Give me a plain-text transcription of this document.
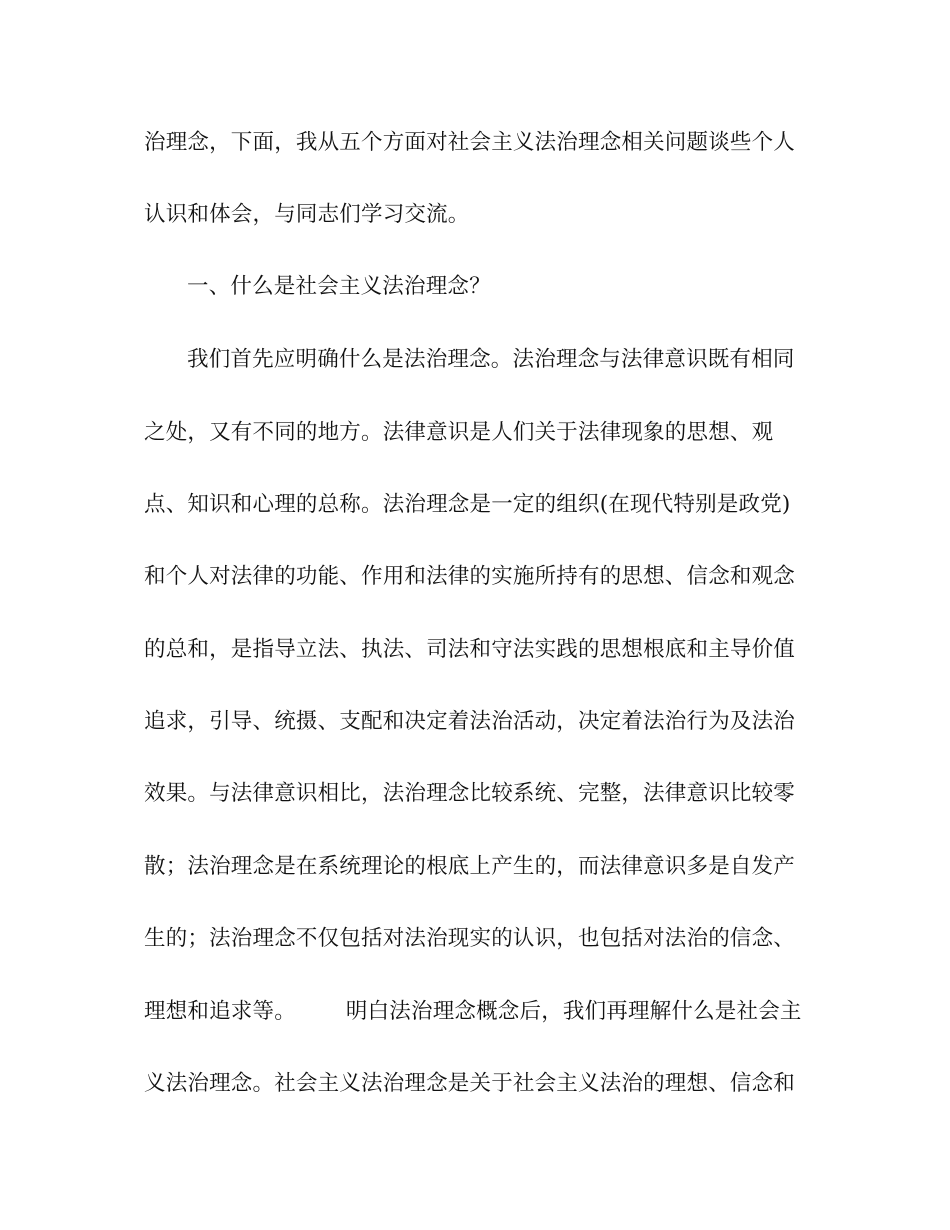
治理念，下面，我从五个方面对社会主义法治理念相关问题谈些个人
认识和体会，与同志们学习交流。
一、什么是社会主义法治理念？
我们首先应明确什么是法治理念。法治理念与法律意识既有相同
之处，又有不同的地方。法律意识是人们关于法律现象的思想、观
点、知识和心理的总称。法治理念是一定的组织(在现代特别是政党)
和个人对法律的功能、作用和法律的实施所持有的思想、信念和观念
的总和，是指导立法、执法、司法和守法实践的思想根底和主导价值
追求，引导、统摄、支配和决定着法治活动，决定着法治行为及法治
效果。与法律意识相比，法治理念比较系统、完整，法律意识比较零
散；法治理念是在系统理论的根底上产生的，而法律意识多是自发产
生的；法治理念不仅包括对法治现实的认识，也包括对法治的信念、
理想和追求等。 明白法治理念概念后，我们再理解什么是社会主
义法治理念。社会主义法治理念是关于社会主义法治的理想、信念和
